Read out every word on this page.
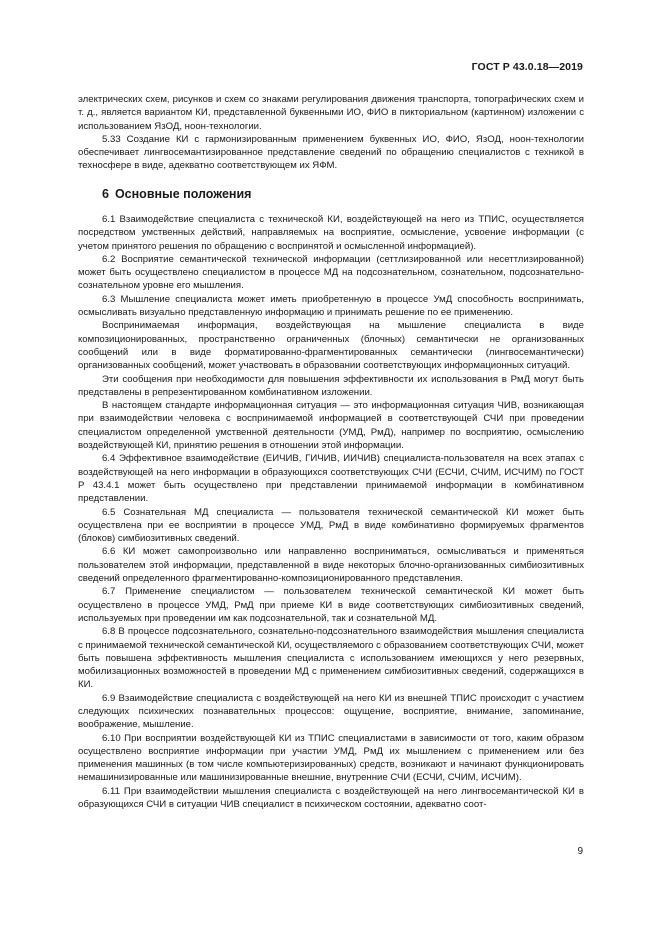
ГОСТ Р 43.0.18—2019

электрических схем, рисунков и схем со знаками регулирования движения транспорта, топографических схем и т. д., является вариантом КИ, представленной буквенными ИО, ФИО в пикториальном (картинном) изложении с использованием ЯзОД, ноон-технологии.

5.33 Создание КИ с гармонизированным применением буквенных ИО, ФИО, ЯзОД, ноон-технологии обеспечивает лингвосемантизированное представление сведений по обращению специалистов с техникой в техносфере в виде, адекватно соответствующем их ЯФМ.

6 Основные положения

6.1 Взаимодействие специалиста с технической КИ, воздействующей на него из ТПИС, осуществляется посредством умственных действий, направляемых на восприятие, осмысление, усвоение информации (с учетом принятого решения по обращению с воспринятой и осмысленной информацией).

6.2 Восприятие семантической технической информации (сеттлизированной или несеттлизированной) может быть осуществлено специалистом в процессе МД на подсознательном, сознательном, подсознательно-сознательном уровне его мышления.

6.3 Мышление специалиста может иметь приобретенную в процессе УмД способность воспринимать, осмысливать визуально представленную информацию и принимать решение по ее применению.

Воспринимаемая информация, воздействующая на мышление специалиста в виде композиционированных, пространственно ограниченных (блочных) семантически не организованных сообщений или в виде форматированно-фрагментированных семантически (лингвосемантически) организованных сообщений, может участвовать в образовании соответствующих информационных ситуаций.

Эти сообщения при необходимости для повышения эффективности их использования в РмД могут быть представлены в репрезентированном комбинативном изложении.

В настоящем стандарте информационная ситуация — это информационная ситуация ЧИВ, возникающая при взаимодействии человека с воспринимаемой информацией в соответствующей СЧИ при проведении специалистом определенной умственной деятельности (УМД, РмД), например по восприятию, осмыслению воздействующей КИ, принятию решения в отношении этой информации.

6.4 Эффективное взаимодействие (ЕИЧИВ, ГИЧИВ, ИИЧИВ) специалиста-пользователя на всех этапах с воздействующей на него информации в образующихся соответствующих СЧИ (ЕСЧИ, СЧИМ, ИСЧИМ) по ГОСТ Р 43.4.1 может быть осуществлено при представлении принимаемой информации в комбинативном представлении.

6.5 Сознательная МД специалиста — пользователя технической семантической КИ может быть осуществлена при ее восприятии в процессе УМД, РмД в виде комбинативно формируемых фрагментов (блоков) симбиозитивных сведений.

6.6 КИ может самопроизвольно или направленно восприниматься, осмысливаться и применяться пользователем этой информации, представленной в виде некоторых блочно-организованных симбиозитивных сведений определенного фрагментированно-композиционированного представления.

6.7 Применение специалистом — пользователем технической семантической КИ может быть осуществлено в процессе УМД, РмД при приеме КИ в виде соответствующих симбиозитивных сведений, используемых при проведении им как подсознательной, так и сознательной МД.

6.8 В процессе подсознательного, сознательно-подсознательного взаимодействия мышления специалиста с принимаемой технической семантической КИ, осуществляемого с образованием соответствующих СЧИ, может быть повышена эффективность мышления специалиста с использованием имеющихся у него резервных, мобилизационных возможностей в проведении МД с применением симбиозитивных сведений, содержащихся в КИ.

6.9 Взаимодействие специалиста с воздействующей на него КИ из внешней ТПИС происходит с участием следующих психических познавательных процессов: ощущение, восприятие, внимание, запоминание, воображение, мышление.

6.10 При восприятии воздействующей КИ из ТПИС специалистами в зависимости от того, каким образом осуществлено восприятие информации при участии УМД, РмД их мышлением с применением или без применения машинных (в том числе компьютеризированных) средств, возникают и начинают функционировать немашинизированные или машинизированные внешние, внутренние СЧИ (ЕСЧИ, СЧИМ, ИСЧИМ).

6.11 При взаимодействии мышления специалиста с воздействующей на него лингвосемантической КИ в образующихся СЧИ в ситуации ЧИВ специалист в психическом состоянии, адекватно соот-

9
